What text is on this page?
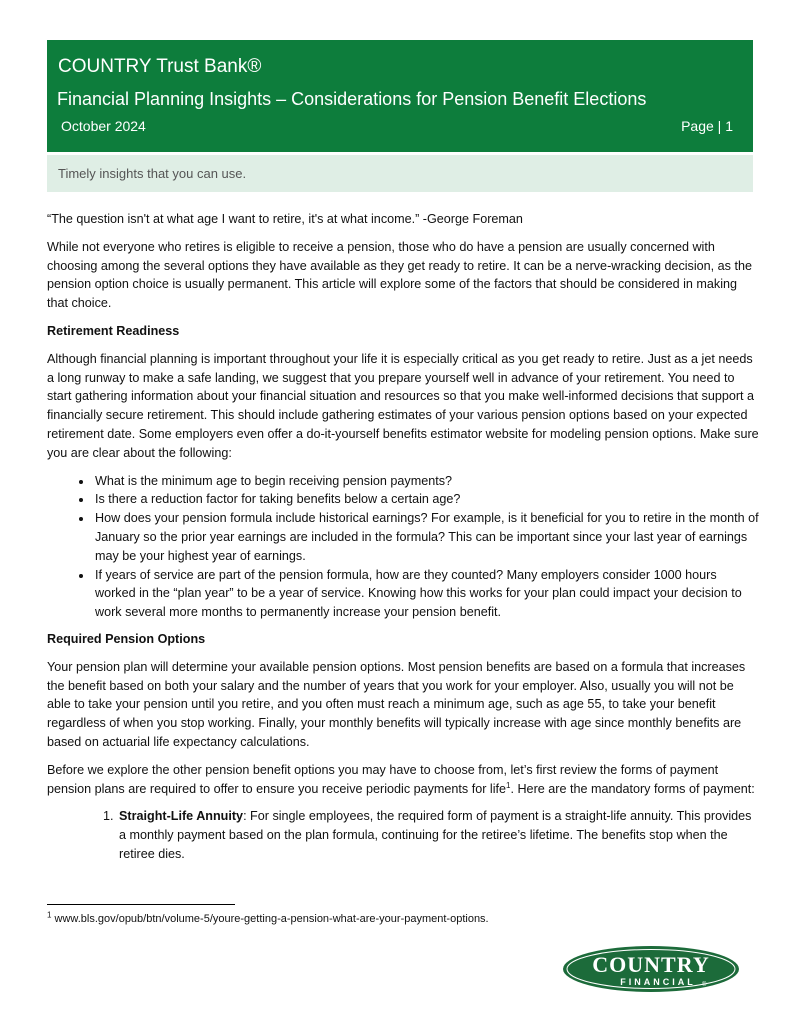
COUNTRY Trust Bank®
Financial Planning Insights – Considerations for Pension Benefit Elections
October 2024	Page | 1
Timely insights that you can use.

“The question isn't at what age I want to retire, it's at what income.” -George Foreman

While not everyone who retires is eligible to receive a pension, those who do have a pension are usually concerned with choosing among the several options they have available as they get ready to retire. It can be a nerve-wracking decision, as the pension option choice is usually permanent. This article will explore some of the factors that should be considered in making that choice.

Retirement Readiness

Although financial planning is important throughout your life it is especially critical as you get ready to retire. Just as a jet needs a long runway to make a safe landing, we suggest that you prepare yourself well in advance of your retirement. You need to start gathering information about your financial situation and resources so that you make well-informed decisions that support a financially secure retirement. This should include gathering estimates of your various pension options based on your expected retirement date. Some employers even offer a do-it-yourself benefits estimator website for modeling pension options. Make sure you are clear about the following:

• What is the minimum age to begin receiving pension payments?
• Is there a reduction factor for taking benefits below a certain age?
• How does your pension formula include historical earnings? For example, is it beneficial for you to retire in the month of January so the prior year earnings are included in the formula? This can be important since your last year of earnings may be your highest year of earnings.
• If years of service are part of the pension formula, how are they counted? Many employers consider 1000 hours worked in the “plan year” to be a year of service. Knowing how this works for your plan could impact your decision to work several more months to permanently increase your pension benefit.

Required Pension Options

Your pension plan will determine your available pension options. Most pension benefits are based on a formula that increases the benefit based on both your salary and the number of years that you work for your employer. Also, usually you will not be able to take your pension until you retire, and you often must reach a minimum age, such as age 55, to take your benefit regardless of when you stop working. Finally, your monthly benefits will typically increase with age since monthly benefits are based on actuarial life expectancy calculations.

Before we explore the other pension benefit options you may have to choose from, let’s first review the forms of payment pension plans are required to offer to ensure you receive periodic payments for life$^1$. Here are the mandatory forms of payment:

1. Straight-Life Annuity: For single employees, the required form of payment is a straight-life annuity. This provides a monthly payment based on the plan formula, continuing for the retiree’s lifetime. The benefits stop when the retiree dies.
$^1$ www.bls.gov/opub/btn/volume-5/youre-getting-a-pension-what-are-your-payment-options.
COUNTRY
FINANCIAL ®
